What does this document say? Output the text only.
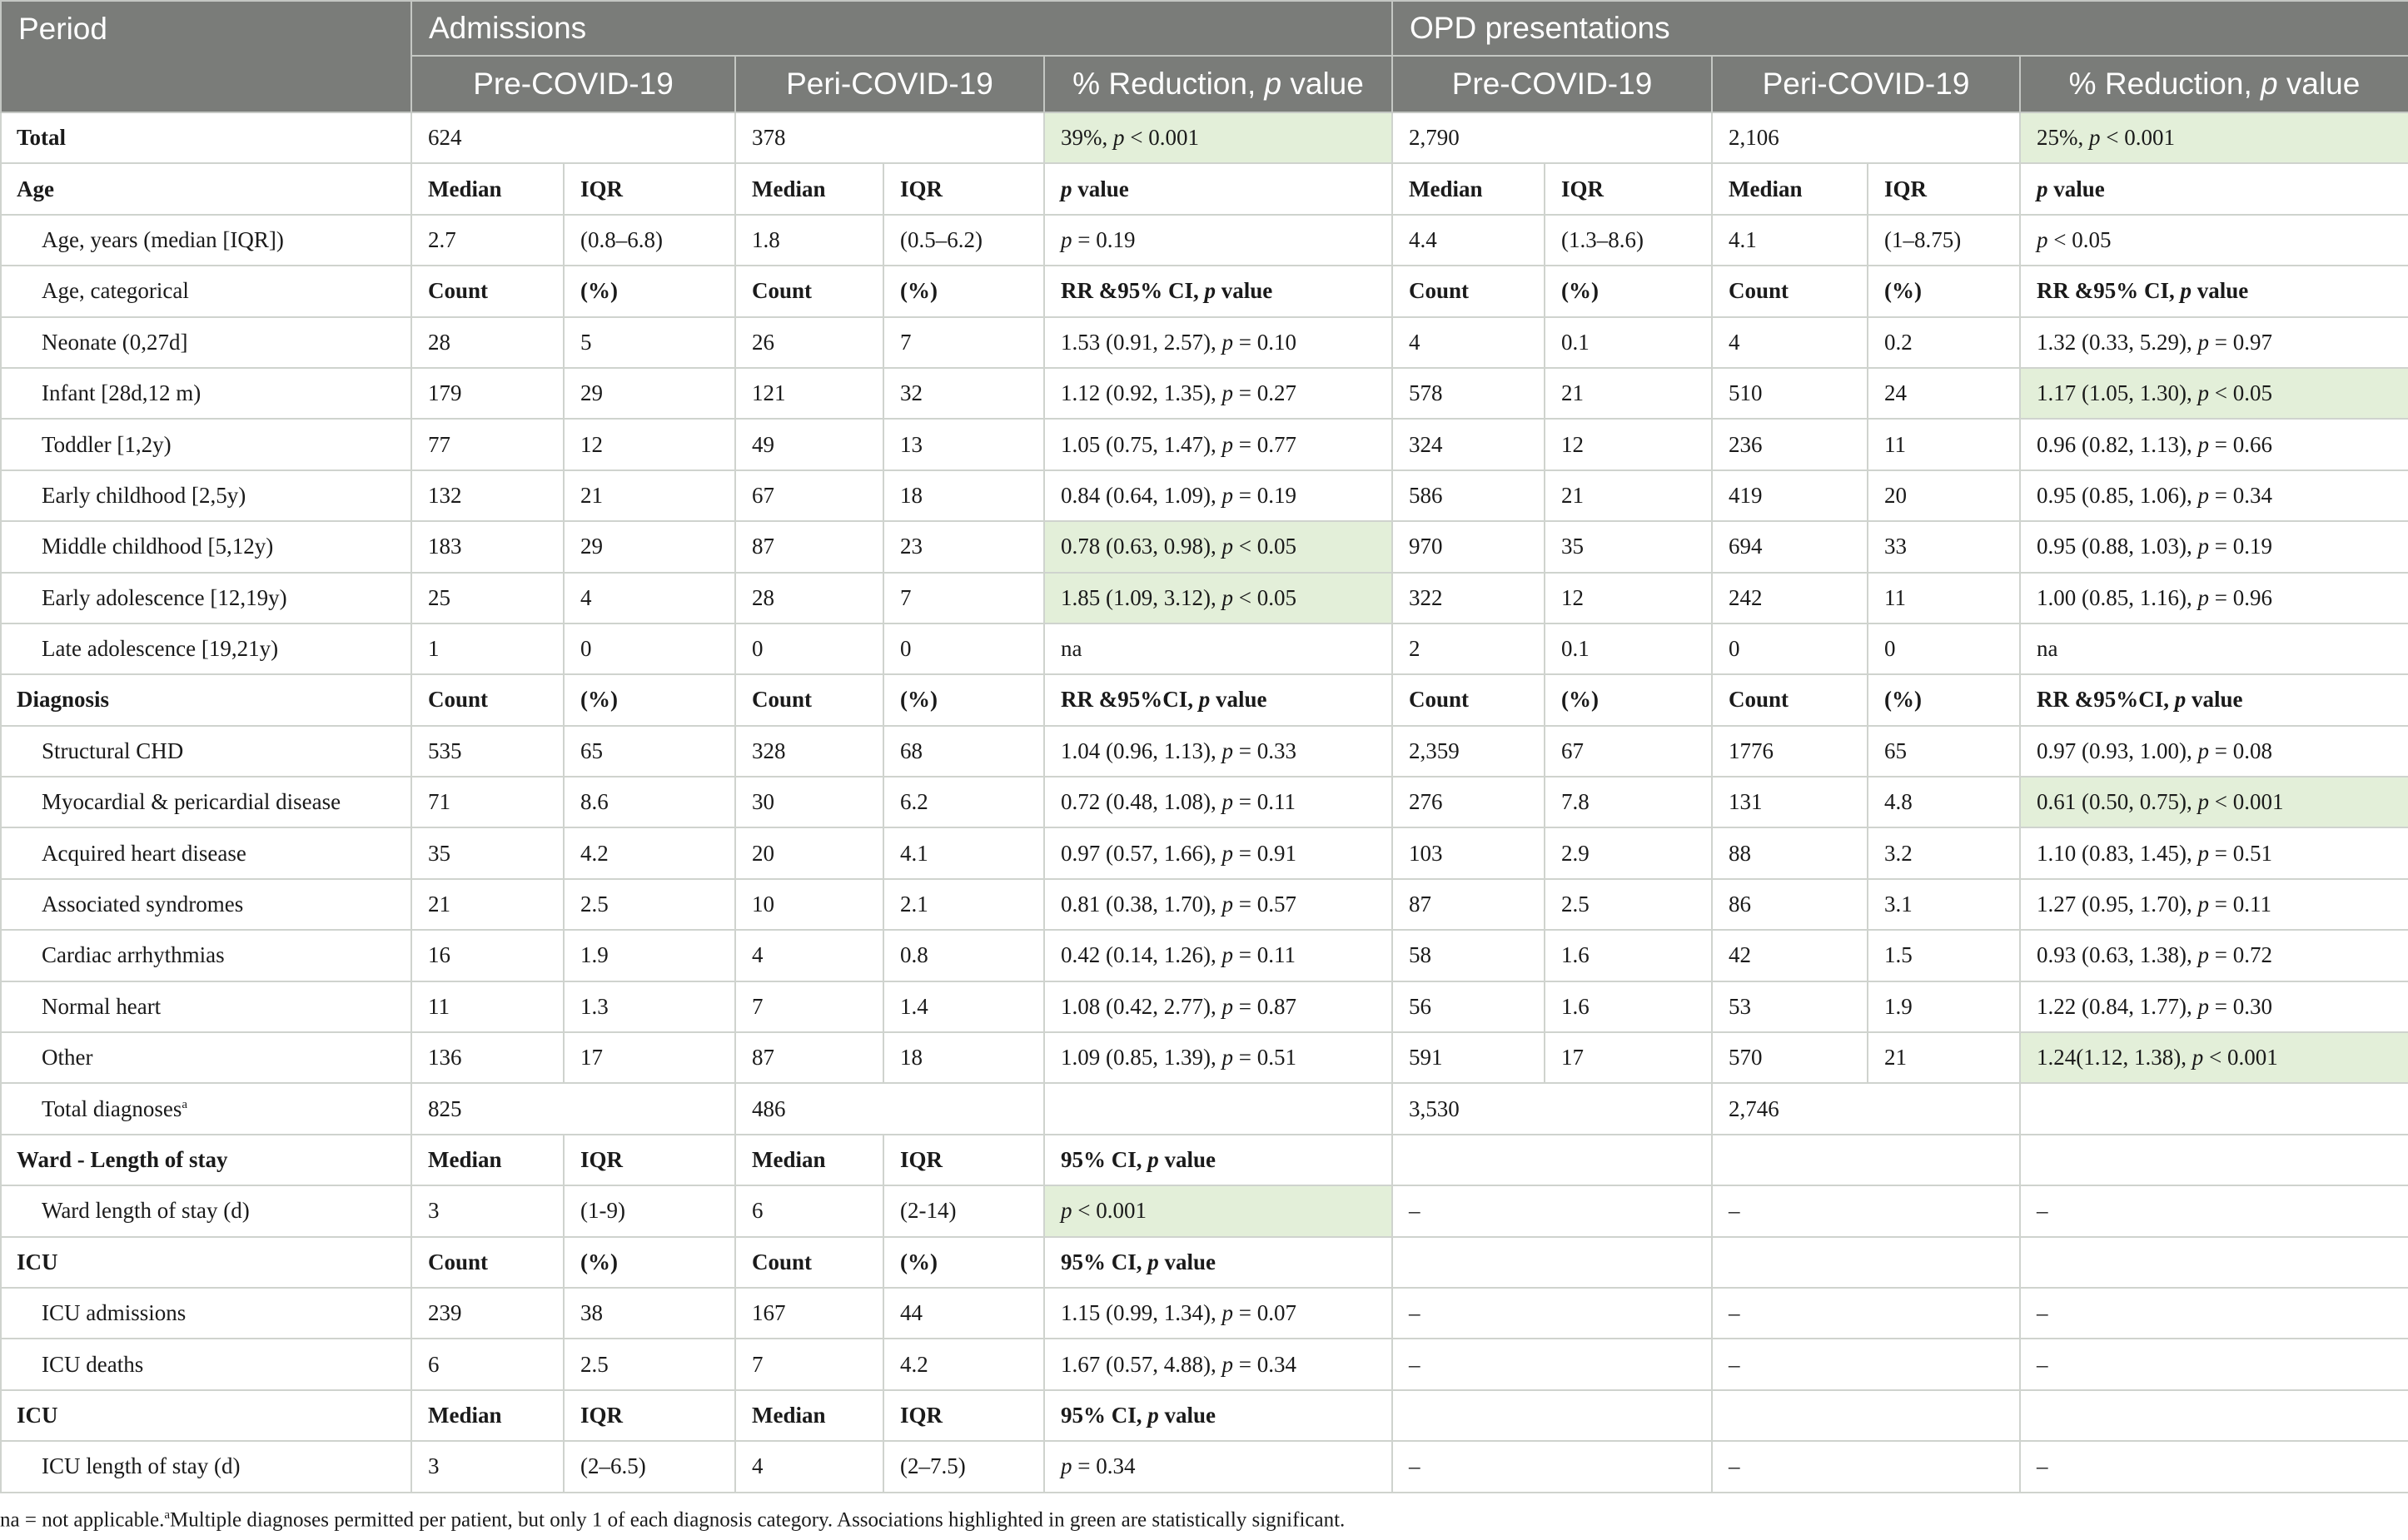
Period	Admissions					OPD presentations				
	Pre-COVID-19		Peri-COVID-19		% Reduction, p value	Pre-COVID-19		Peri-COVID-19		% Reduction, p value
Total	624		378		39%, p < 0.001	2,790		2,106		25%, p < 0.001
Age	Median	IQR	Median	IQR	p value	Median	IQR	Median	IQR	p value
Age, years (median [IQR])	2.7	(0.8–6.8)	1.8	(0.5–6.2)	p = 0.19	4.4	(1.3–8.6)	4.1	(1–8.75)	p < 0.05
Age, categorical	Count	(%)	Count	(%)	RR &95% CI, p value	Count	(%)	Count	(%)	RR &95% CI, p value
Neonate (0,27d]	28	5	26	7	1.53 (0.91, 2.57), p = 0.10	4	0.1	4	0.2	1.32 (0.33, 5.29), p = 0.97
Infant [28d,12 m)	179	29	121	32	1.12 (0.92, 1.35), p = 0.27	578	21	510	24	1.17 (1.05, 1.30), p < 0.05
Toddler [1,2y)	77	12	49	13	1.05 (0.75, 1.47), p = 0.77	324	12	236	11	0.96 (0.82, 1.13), p = 0.66
Early childhood [2,5y)	132	21	67	18	0.84 (0.64, 1.09), p = 0.19	586	21	419	20	0.95 (0.85, 1.06), p = 0.34
Middle childhood [5,12y)	183	29	87	23	0.78 (0.63, 0.98), p < 0.05	970	35	694	33	0.95 (0.88, 1.03), p = 0.19
Early adolescence [12,19y)	25	4	28	7	1.85 (1.09, 3.12), p < 0.05	322	12	242	11	1.00 (0.85, 1.16), p = 0.96
Late adolescence [19,21y)	1	0	0	0	na	2	0.1	0	0	na
Diagnosis	Count	(%)	Count	(%)	RR &95%CI, p value	Count	(%)	Count	(%)	RR &95%CI, p value
Structural CHD	535	65	328	68	1.04 (0.96, 1.13), p = 0.33	2,359	67	1776	65	0.97 (0.93, 1.00), p = 0.08
Myocardial & pericardial disease	71	8.6	30	6.2	0.72 (0.48, 1.08), p = 0.11	276	7.8	131	4.8	0.61 (0.50, 0.75), p < 0.001
Acquired heart disease	35	4.2	20	4.1	0.97 (0.57, 1.66), p = 0.91	103	2.9	88	3.2	1.10 (0.83, 1.45), p = 0.51
Associated syndromes	21	2.5	10	2.1	0.81 (0.38, 1.70), p = 0.57	87	2.5	86	3.1	1.27 (0.95, 1.70), p = 0.11
Cardiac arrhythmias	16	1.9	4	0.8	0.42 (0.14, 1.26), p = 0.11	58	1.6	42	1.5	0.93 (0.63, 1.38), p = 0.72
Normal heart	11	1.3	7	1.4	1.08 (0.42, 2.77), p = 0.87	56	1.6	53	1.9	1.22 (0.84, 1.77), p = 0.30
Other	136	17	87	18	1.09 (0.85, 1.39), p = 0.51	591	17	570	21	1.24(1.12, 1.38), p < 0.001
Total diagnoses$^a$	825		486			3,530		2,746		
Ward - Length of stay	Median	IQR	Median	IQR	95% CI, p value					
Ward length of stay (d)	3	(1-9)	6	(2-14)	p < 0.001	–		–		–
ICU	Count	(%)	Count	(%)	95% CI, p value					
ICU admissions	239	38	167	44	1.15 (0.99, 1.34), p = 0.07	–		–		–
ICU deaths	6	2.5	7	4.2	1.67 (0.57, 4.88), p = 0.34	–		–		–
ICU	Median	IQR	Median	IQR	95% CI, p value					
ICU length of stay (d)	3	(2–6.5)	4	(2–7.5)	p = 0.34	–		–		–
na = not applicable.$^a$Multiple diagnoses permitted per patient, but only 1 of each diagnosis category. Associations highlighted in green are statistically significant.
